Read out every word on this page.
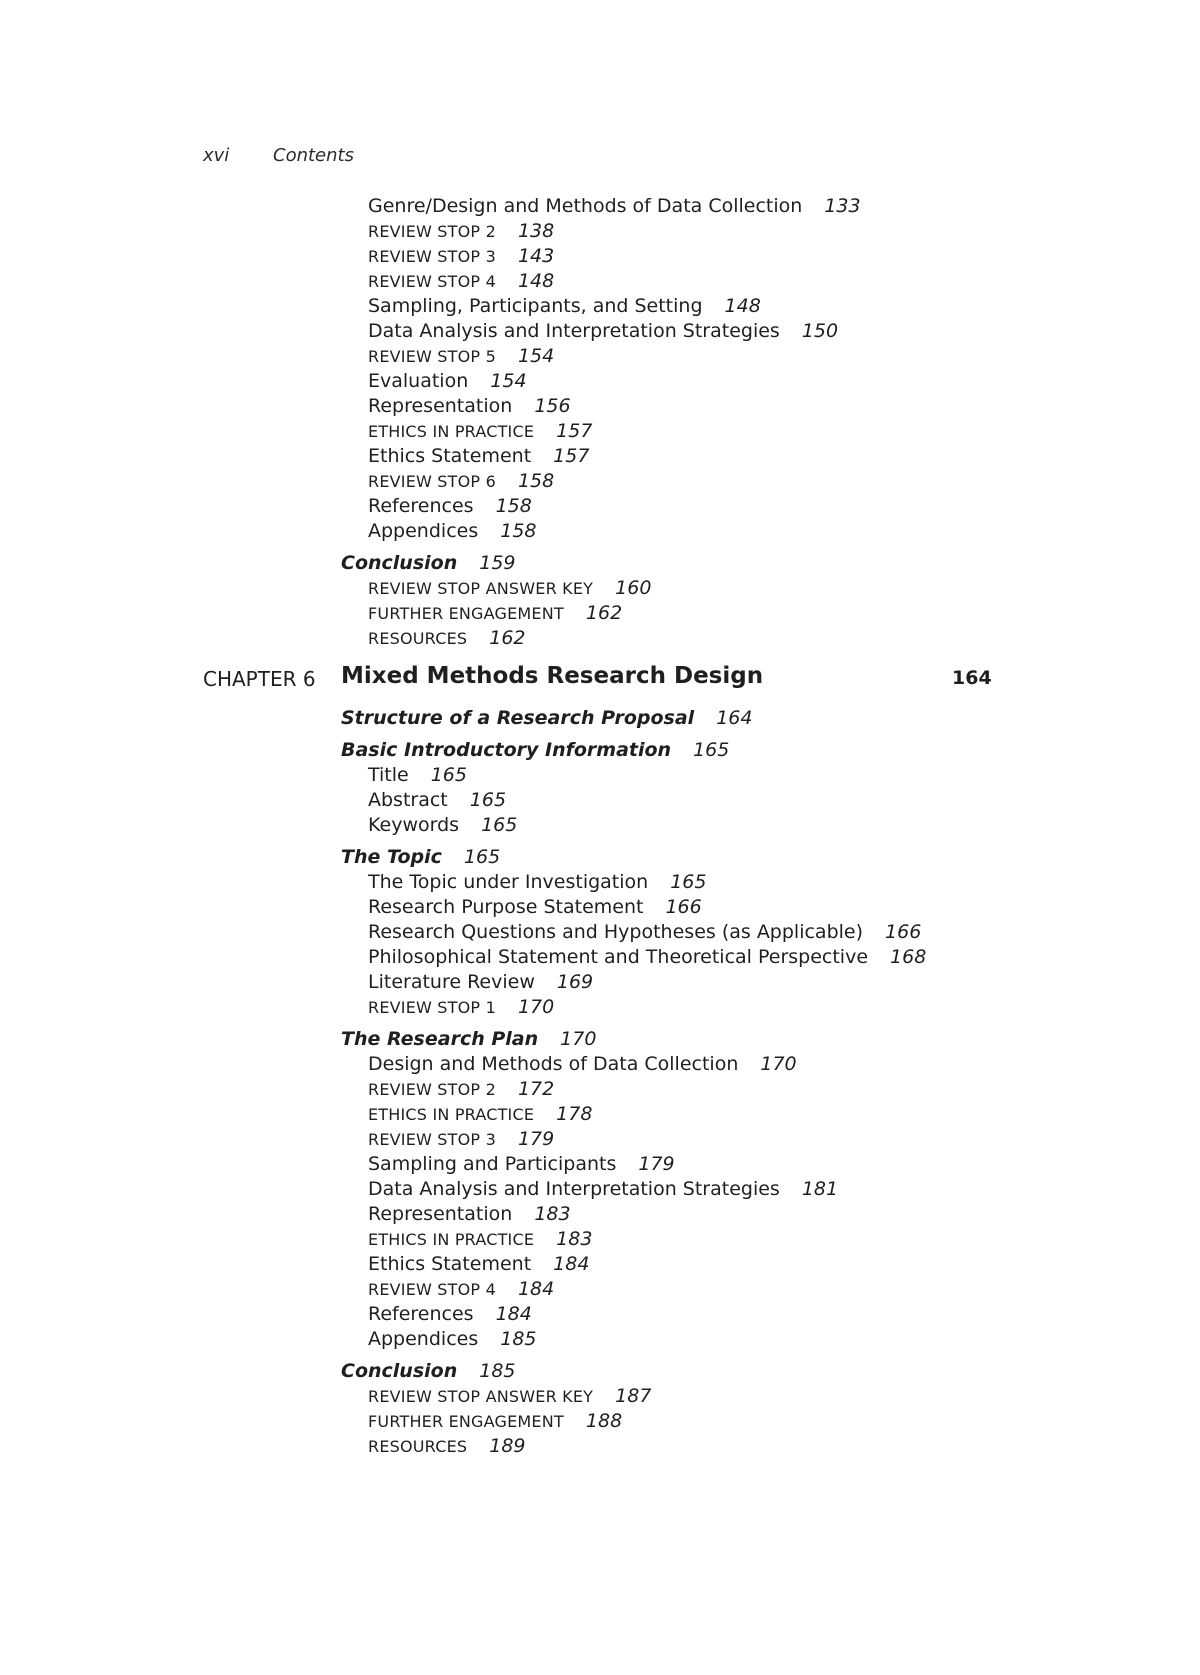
xvi	Contents
Genre/Design and Methods of Data Collection 133
REVIEW STOP 2 138
REVIEW STOP 3 143
REVIEW STOP 4 148
Sampling, Participants, and Setting 148
Data Analysis and Interpretation Strategies 150
REVIEW STOP 5 154
Evaluation 154
Representation 156
ETHICS IN PRACTICE 157
Ethics Statement 157
REVIEW STOP 6 158
References 158
Appendices 158
Conclusion 159
REVIEW STOP ANSWER KEY 160
FURTHER ENGAGEMENT 162
RESOURCES 162
CHAPTER 6 Mixed Methods Research Design	164
Structure of a Research Proposal 164
Basic Introductory Information 165
Title 165
Abstract 165
Keywords 165
The Topic 165
The Topic under Investigation 165
Research Purpose Statement 166
Research Questions and Hypotheses (as Applicable) 166
Philosophical Statement and Theoretical Perspective 168
Literature Review 169
REVIEW STOP 1 170
The Research Plan 170
Design and Methods of Data Collection 170
REVIEW STOP 2 172
ETHICS IN PRACTICE 178
REVIEW STOP 3 179
Sampling and Participants 179
Data Analysis and Interpretation Strategies 181
Representation 183
ETHICS IN PRACTICE 183
Ethics Statement 184
REVIEW STOP 4 184
References 184
Appendices 185
Conclusion 185
REVIEW STOP ANSWER KEY 187
FURTHER ENGAGEMENT 188
RESOURCES 189
